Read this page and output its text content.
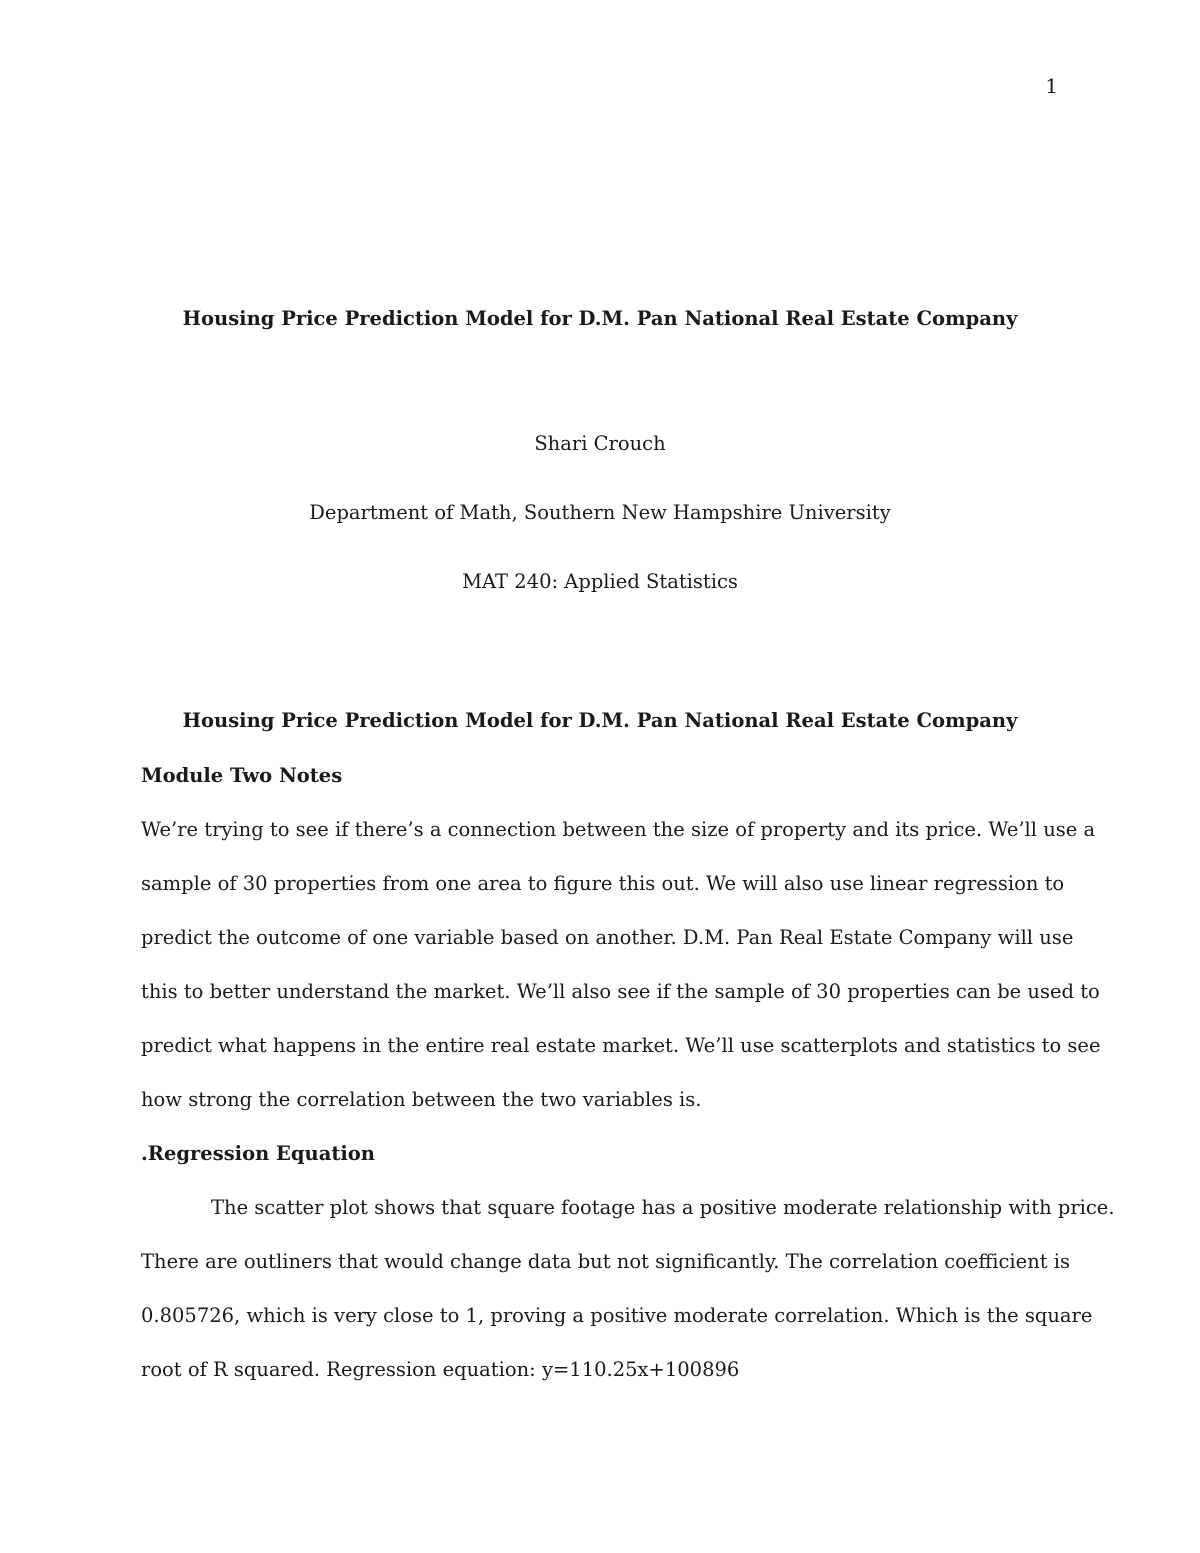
1

Housing Price Prediction Model for D.M. Pan National Real Estate Company

Shari Crouch
Department of Math, Southern New Hampshire University
MAT 240: Applied Statistics
Housing Price Prediction Model for D.M. Pan National Real Estate Company
Module Two Notes
We’re trying to see if there’s a connection between the size of property and its price. We’ll use a
sample of 30 properties from one area to figure this out. We will also use linear regression to
predict the outcome of one variable based on another. D.M. Pan Real Estate Company will use
this to better understand the market. We’ll also see if the sample of 30 properties can be used to
predict what happens in the entire real estate market. We’ll use scatterplots and statistics to see
how strong the correlation between the two variables is.
.Regression Equation
The scatter plot shows that square footage has a positive moderate relationship with price.
There are outliners that would change data but not significantly. The correlation coefficient is
0.805726, which is very close to 1, proving a positive moderate correlation. Which is the square
root of R squared. Regression equation: y=110.25x+100896
